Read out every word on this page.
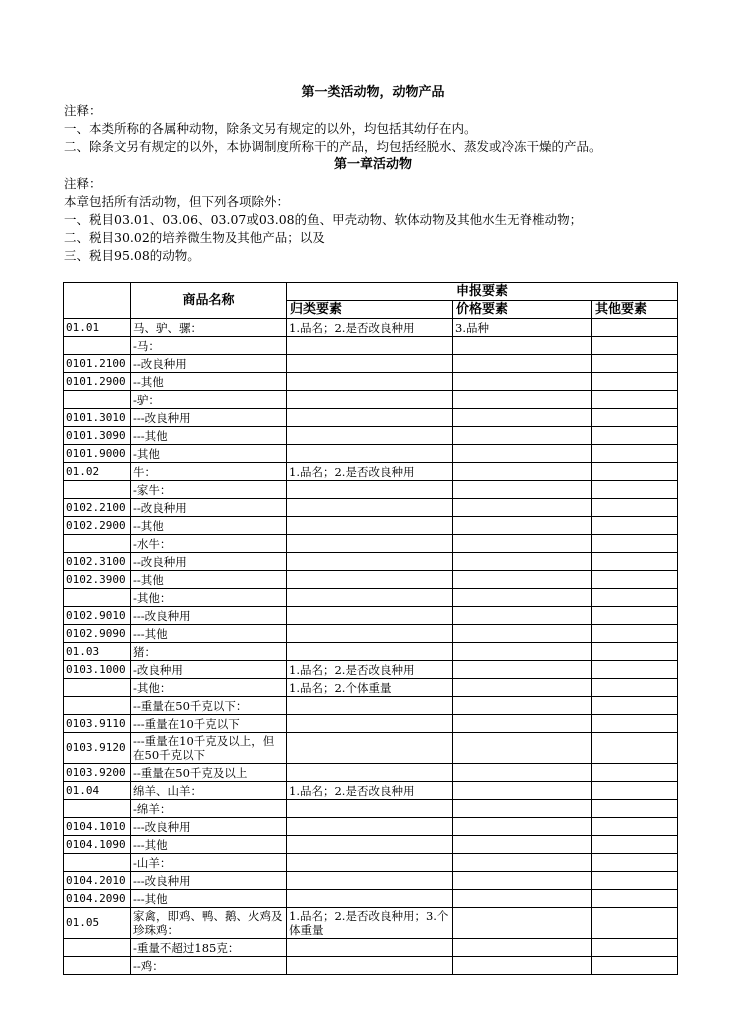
第一类活动物，动物产品
注释：
一、本类所称的各属种动物，除条文另有规定的以外，均包括其幼仔在内。
二、除条文另有规定的以外，本协调制度所称干的产品，均包括经脱水、蒸发或冷冻干燥的产品。
第一章活动物
注释：
本章包括所有活动物，但下列各项除外：
一、税目03.01、03.06、03.07或03.08的鱼、甲壳动物、软体动物及其他水生无脊椎动物；
二、税目30.02的培养微生物及其他产品；以及
三、税目95.08的动物。
	商品名称	申报要素		
		归类要素	价格要素	其他要素
01.01	马、驴、骡：	1.品名；2.是否改良种用	3.品种	
	-马：			
0101.2100	--改良种用			
0101.2900	--其他			
	-驴：			
0101.3010	---改良种用			
0101.3090	---其他			
0101.9000	-其他			
01.02	牛：	1.品名；2.是否改良种用		
	-家牛：			
0102.2100	--改良种用			
0102.2900	--其他			
	-水牛：			
0102.3100	--改良种用			
0102.3900	--其他			
	-其他：			
0102.9010	---改良种用			
0102.9090	---其他			
01.03	猪：			
0103.1000	-改良种用	1.品名；2.是否改良种用		
	-其他：	1.品名；2.个体重量		
	--重量在50千克以下：			
0103.9110	---重量在10千克以下			
0103.9120	---重量在10千克及以上，但在50千克以下			
0103.9200	--重量在50千克及以上			
01.04	绵羊、山羊：	1.品名；2.是否改良种用		
	-绵羊：			
0104.1010	---改良种用			
0104.1090	---其他			
	-山羊：			
0104.2010	---改良种用			
0104.2090	---其他			
01.05	家禽，即鸡、鸭、鹅、火鸡及珍珠鸡：	1.品名；2.是否改良种用；3.个体重量		
	-重量不超过185克：			
	--鸡：			
